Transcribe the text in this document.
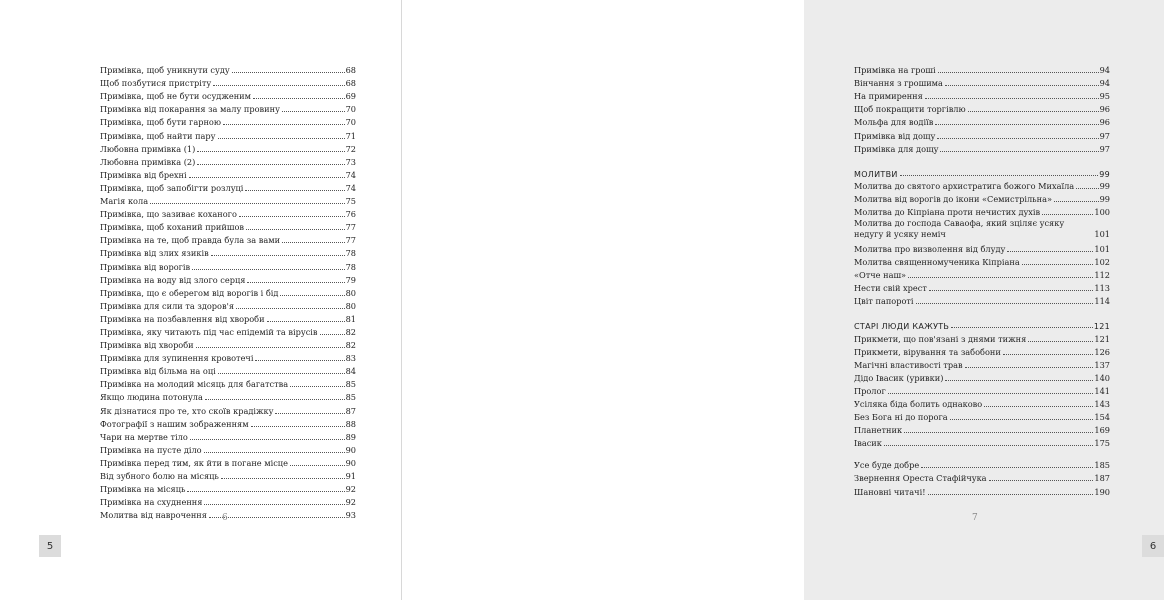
Примівка, щоб уникнути суду	68
Щоб позбутися пристріту	68
Примівка, щоб не бути осудженим	69
Примівка від покарання за малу провину	70
Примівка, щоб бути гарною	70
Примівка, щоб найти пару	71
Любовна примівка (1)	72
Любовна примівка (2)	73
Примівка від брехні	74
Примівка, щоб запобігти розлуці	74
Магія кола	75
Примівка, що зазиває коханого	76
Примівка, щоб коханий прийшов	77
Примівка на те, щоб правда була за вами	77
Примівка від злих язиків	78
Примівка від ворогів	78
Примівка на воду від злого серця	79
Примівка, що є оберегом від ворогів і бід	80
Примівка для сили та здоров'я	80
Примівка на позбавлення від хвороби	81
Примівка, яку читають під час епідемій та вірусів	82
Примівка від хвороби	82
Примівка для зупинення кровотечі	83
Примівка від більма на оці	84
Примівка на молодий місяць для багатства	85
Якщо людина потонула	85
Як дізнатися про те, хто скоїв крадіжку	87
Фотографії з нашим зображенням	88
Чари на мертве тіло	89
Примівка на пусте діло	90
Примівка перед тим, як йти в погане місце	90
Від зубного болю на місяць	91
Примівка на місяць	92
Примівка на схуднення	92
Молитва від наврочення	93
6
5
Примівка на гроші	94
Вінчання з грошима	94
На примирення	95
Щоб покращити торгівлю	96
Мольфа для водіїв	96
Примівка від дощу	97
Примівка для дощу	97
МОЛИТВИ	99
Молитва до святого архистратига божого Михаїла	99
Молитва від ворогів до ікони «Семистрільна»	99
Молитва до Кіпріана проти нечистих духів	100
Молитва до господа Саваофа, який зціляє усяку недугу й усяку неміч	101
Молитва про визволення від блуду	101
Молитва священномученика Кіпріана	102
«Отче наш»	112
Нести свій хрест	113
Цвіт папороті	114
СТАРІ ЛЮДИ КАЖУТЬ	121
Прикмети, що пов'язані з днями тижня	121
Прикмети, вірування та забобони	126
Магічні властивості трав	137
Дідо Івасик (уривки)	140
Пролог	141
Усіляка біда болить однаково	143
Без Бога ні до порога	154
Планетник	169
Івасик	175
Усе буде добре	185
Звернення Ореста Стафійчука	187
Шановні читачі!	190
7
6
